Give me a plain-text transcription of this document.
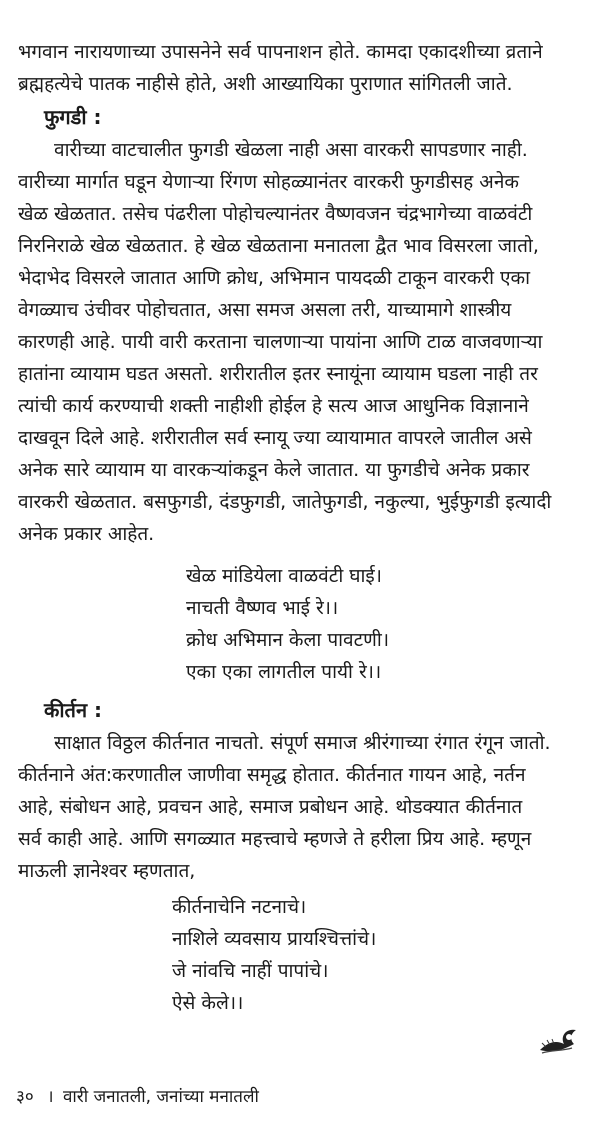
भगवान नारायणाच्या उपासनेने सर्व पापनाशन होते. कामदा एकादशीच्या व्रताने
ब्रह्महत्येचे पातक नाहीसे होते, अशी आख्यायिका पुराणात सांगितली जाते.
फुगडी :
वारीच्या वाटचालीत फुगडी खेळला नाही असा वारकरी सापडणार नाही.
वारीच्या मार्गात घडून येणाऱ्या रिंगण सोहळ्यानंतर वारकरी फुगडीसह अनेक
खेळ खेळतात. तसेच पंढरीला पोहोचल्यानंतर वैष्णवजन चंद्रभागेच्या वाळवंटी
निरनिराळे खेळ खेळतात. हे खेळ खेळताना मनातला द्वैत भाव विसरला जातो,
भेदाभेद विसरले जातात आणि क्रोध, अभिमान पायदळी टाकून वारकरी एका
वेगळ्याच उंचीवर पोहोचतात, असा समज असला तरी, याच्यामागे शास्त्रीय
कारणही आहे. पायी वारी करताना चालणाऱ्या पायांना आणि टाळ वाजवणाऱ्या
हातांना व्यायाम घडत असतो. शरीरातील इतर स्नायूंना व्यायाम घडला नाही तर
त्यांची कार्य करण्याची शक्ती नाहीशी होईल हे सत्य आज आधुनिक विज्ञानाने
दाखवून दिले आहे. शरीरातील सर्व स्नायू ज्या व्यायामात वापरले जातील असे
अनेक सारे व्यायाम या वारकऱ्यांकडून केले जातात. या फुगडीचे अनेक प्रकार
वारकरी खेळतात. बसफुगडी, दंडफुगडी, जातेफुगडी, नकुल्या, भुईफुगडी इत्यादी
अनेक प्रकार आहेत.
खेळ मांडियेला वाळवंटी घाई।
नाचती वैष्णव भाई रे।।
क्रोध अभिमान केला पावटणी।
एका एका लागतील पायी रे।।
कीर्तन :
साक्षात विठ्ठल कीर्तनात नाचतो. संपूर्ण समाज श्रीरंगाच्या रंगात रंगून जातो.
कीर्तनाने अंत:करणातील जाणीवा समृद्ध होतात. कीर्तनात गायन आहे, नर्तन
आहे, संबोधन आहे, प्रवचन आहे, समाज प्रबोधन आहे. थोडक्यात कीर्तनात
सर्व काही आहे. आणि सगळ्यात महत्त्वाचे म्हणजे ते हरीला प्रिय आहे. म्हणून
माऊली ज्ञानेश्वर म्हणतात,
कीर्तनाचेनि नटनाचे।
नाशिले व्यवसाय प्रायश्चित्तांचे।
जे नांवचि नाहीं पापांचे।
ऐसे केले।।
३० । वारी जनातली, जनांच्या मनातली
